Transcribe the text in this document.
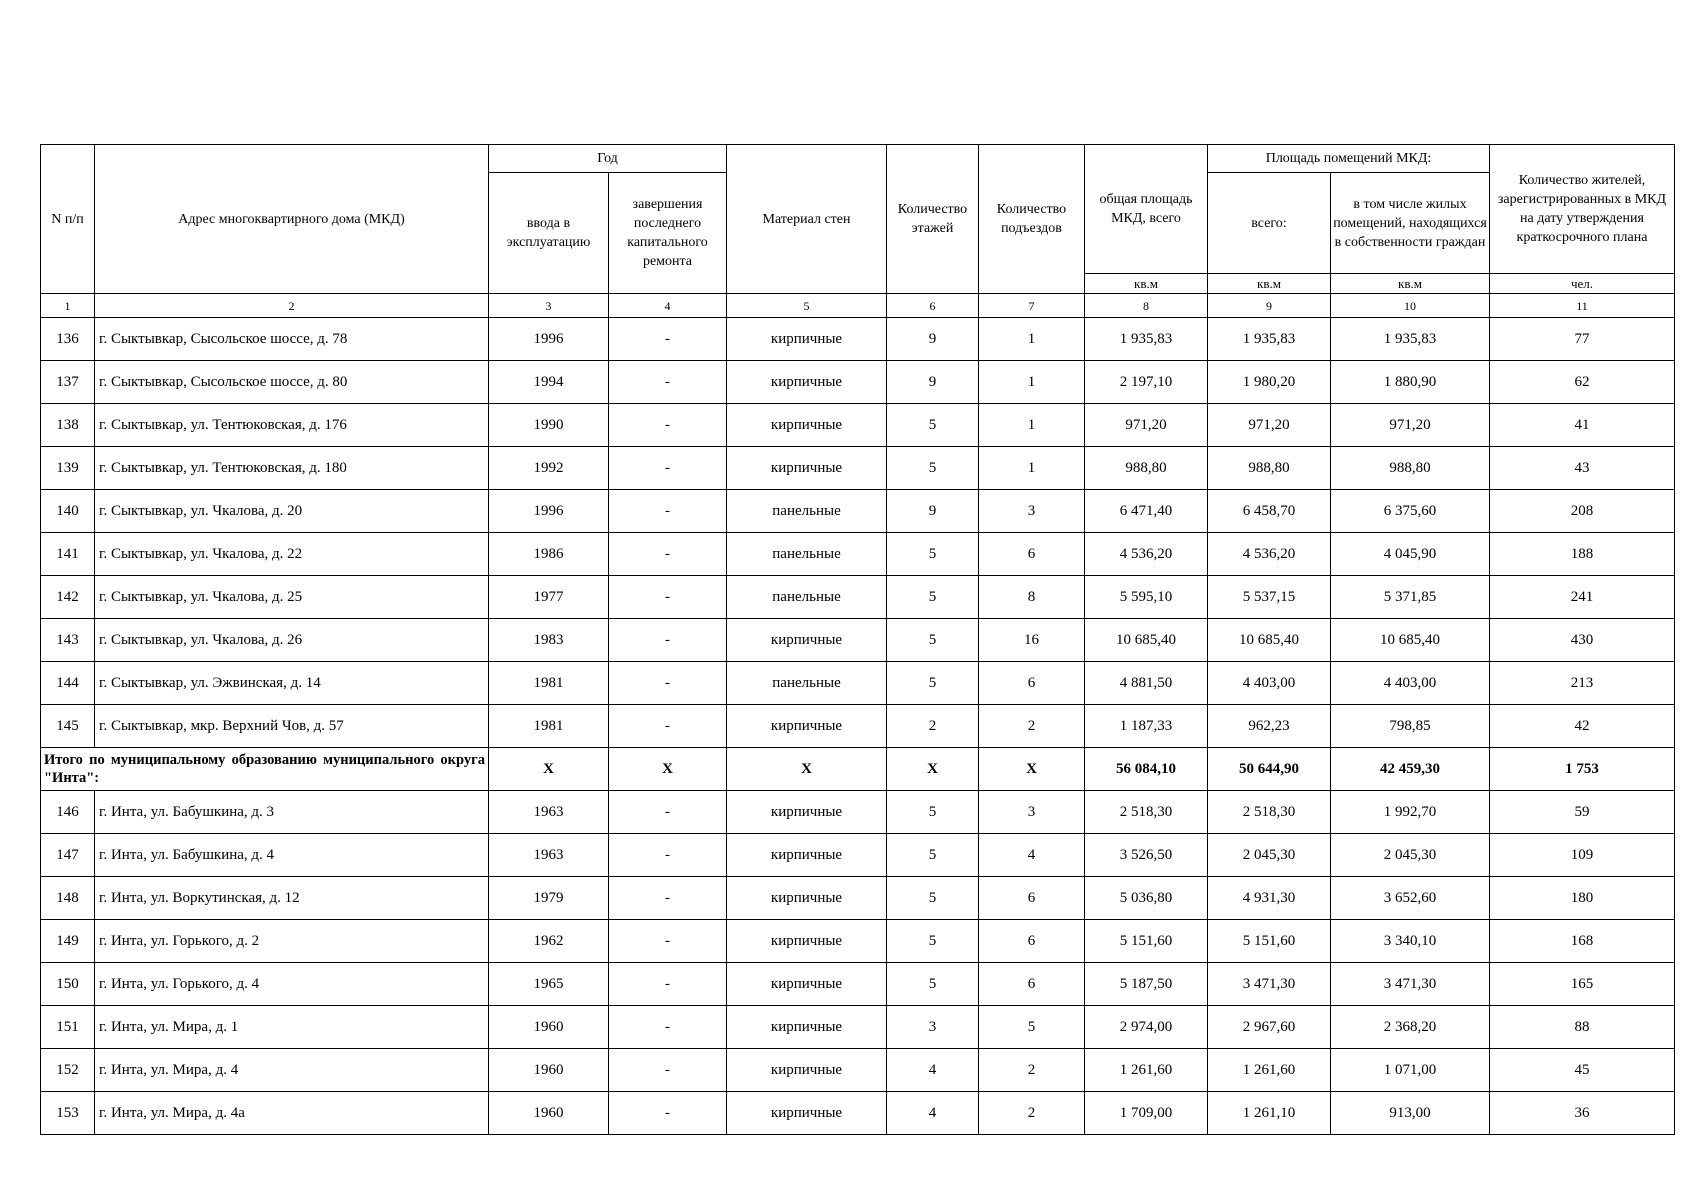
N п/п	Адрес многоквартирного дома (МКД)	Год		Материал стен	Количество этажей	Количество подъездов	общая площадь МКД, всего	Площадь помещений МКД:		Количество жителей, зарегистрированных в МКД на дату утверждения краткосрочного плана
		ввода в эксплуатацию	завершения последнего капитального ремонта					всего:	в том числе жилых помещений, находящихся в собственности граждан	
							кв.м	кв.м	кв.м	чел.
1	2	3	4	5	6	7	8	9	10	11
136	г. Сыктывкар, Сысольское шоссе, д. 78	1996	-	кирпичные	9	1	1 935,83	1 935,83	1 935,83	77
137	г. Сыктывкар, Сысольское шоссе, д. 80	1994	-	кирпичные	9	1	2 197,10	1 980,20	1 880,90	62
138	г. Сыктывкар, ул. Тентюковская, д. 176	1990	-	кирпичные	5	1	971,20	971,20	971,20	41
139	г. Сыктывкар, ул. Тентюковская, д. 180	1992	-	кирпичные	5	1	988,80	988,80	988,80	43
140	г. Сыктывкар, ул. Чкалова, д. 20	1996	-	панельные	9	3	6 471,40	6 458,70	6 375,60	208
141	г. Сыктывкар, ул. Чкалова, д. 22	1986	-	панельные	5	6	4 536,20	4 536,20	4 045,90	188
142	г. Сыктывкар, ул. Чкалова, д. 25	1977	-	панельные	5	8	5 595,10	5 537,15	5 371,85	241
143	г. Сыктывкар, ул. Чкалова, д. 26	1983	-	кирпичные	5	16	10 685,40	10 685,40	10 685,40	430
144	г. Сыктывкар, ул. Эжвинская, д. 14	1981	-	панельные	5	6	4 881,50	4 403,00	4 403,00	213
145	г. Сыктывкар, мкр. Верхний Чов, д. 57	1981	-	кирпичные	2	2	1 187,33	962,23	798,85	42
Итого по муниципальному образованию муниципального округа "Инта":		X	X	X	X	X	56 084,10	50 644,90	42 459,30	1 753
146	г. Инта, ул. Бабушкина, д. 3	1963	-	кирпичные	5	3	2 518,30	2 518,30	1 992,70	59
147	г. Инта, ул. Бабушкина, д. 4	1963	-	кирпичные	5	4	3 526,50	2 045,30	2 045,30	109
148	г. Инта, ул. Воркутинская, д. 12	1979	-	кирпичные	5	6	5 036,80	4 931,30	3 652,60	180
149	г. Инта, ул. Горького, д. 2	1962	-	кирпичные	5	6	5 151,60	5 151,60	3 340,10	168
150	г. Инта, ул. Горького, д. 4	1965	-	кирпичные	5	6	5 187,50	3 471,30	3 471,30	165
151	г. Инта, ул. Мира, д. 1	1960	-	кирпичные	3	5	2 974,00	2 967,60	2 368,20	88
152	г. Инта, ул. Мира, д. 4	1960	-	кирпичные	4	2	1 261,60	1 261,60	1 071,00	45
153	г. Инта, ул. Мира, д. 4а	1960	-	кирпичные	4	2	1 709,00	1 261,10	913,00	36
